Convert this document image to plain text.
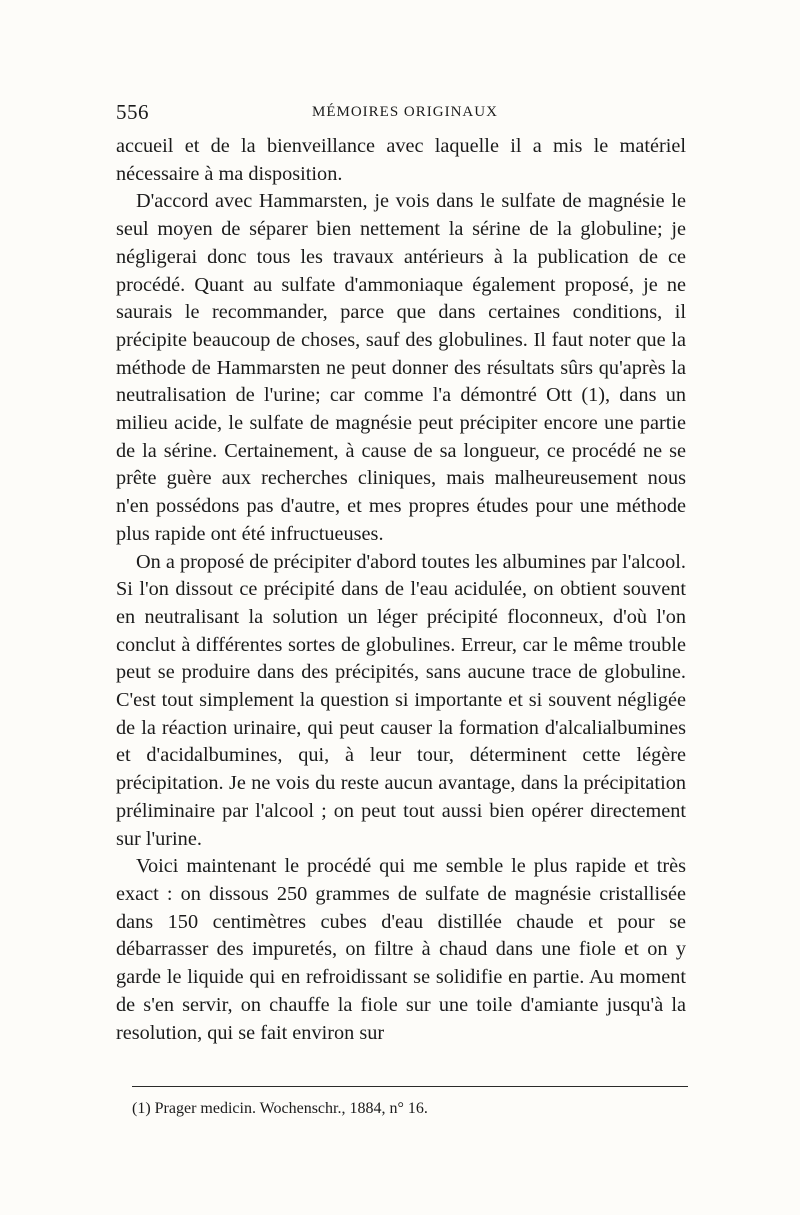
556	MÉMOIRES ORIGINAUX

accueil et de la bienveillance avec laquelle il a mis le matériel nécessaire à ma disposition.

D'accord avec Hammarsten, je vois dans le sulfate de magnésie le seul moyen de séparer bien nettement la sérine de la globuline; je négligerai donc tous les travaux antérieurs à la publication de ce procédé. Quant au sulfate d'ammoniaque également proposé, je ne saurais le recommander, parce que dans certaines conditions, il précipite beaucoup de choses, sauf des globulines. Il faut noter que la méthode de Hammarsten ne peut donner des résultats sûrs qu'après la neutralisation de l'urine; car comme l'a démontré Ott (1), dans un milieu acide, le sulfate de magnésie peut précipiter encore une partie de la sérine. Certainement, à cause de sa longueur, ce procédé ne se prête guère aux recherches cliniques, mais malheureusement nous n'en possédons pas d'autre, et mes propres études pour une méthode plus rapide ont été infructueuses.

On a proposé de précipiter d'abord toutes les albumines par l'alcool. Si l'on dissout ce précipité dans de l'eau acidulée, on obtient souvent en neutralisant la solution un léger précipité floconneux, d'où l'on conclut à différentes sortes de globulines. Erreur, car le même trouble peut se produire dans des précipités, sans aucune trace de globuline. C'est tout simplement la question si importante et si souvent négligée de la réaction urinaire, qui peut causer la formation d'alcalialbumines et d'acidalbumines, qui, à leur tour, déterminent cette légère précipitation. Je ne vois du reste aucun avantage, dans la précipitation préliminaire par l'alcool ; on peut tout aussi bien opérer directement sur l'urine.

Voici maintenant le procédé qui me semble le plus rapide et très exact : on dissous 250 grammes de sulfate de magnésie cristallisée dans 150 centimètres cubes d'eau distillée chaude et pour se débarrasser des impuretés, on filtre à chaud dans une fiole et on y garde le liquide qui en refroidissant se solidifie en partie. Au moment de s'en servir, on chauffe la fiole sur une toile d'amiante jusqu'à la resolution, qui se fait environ sur

(1) Prager medicin. Wochenschr., 1884, n° 16.
